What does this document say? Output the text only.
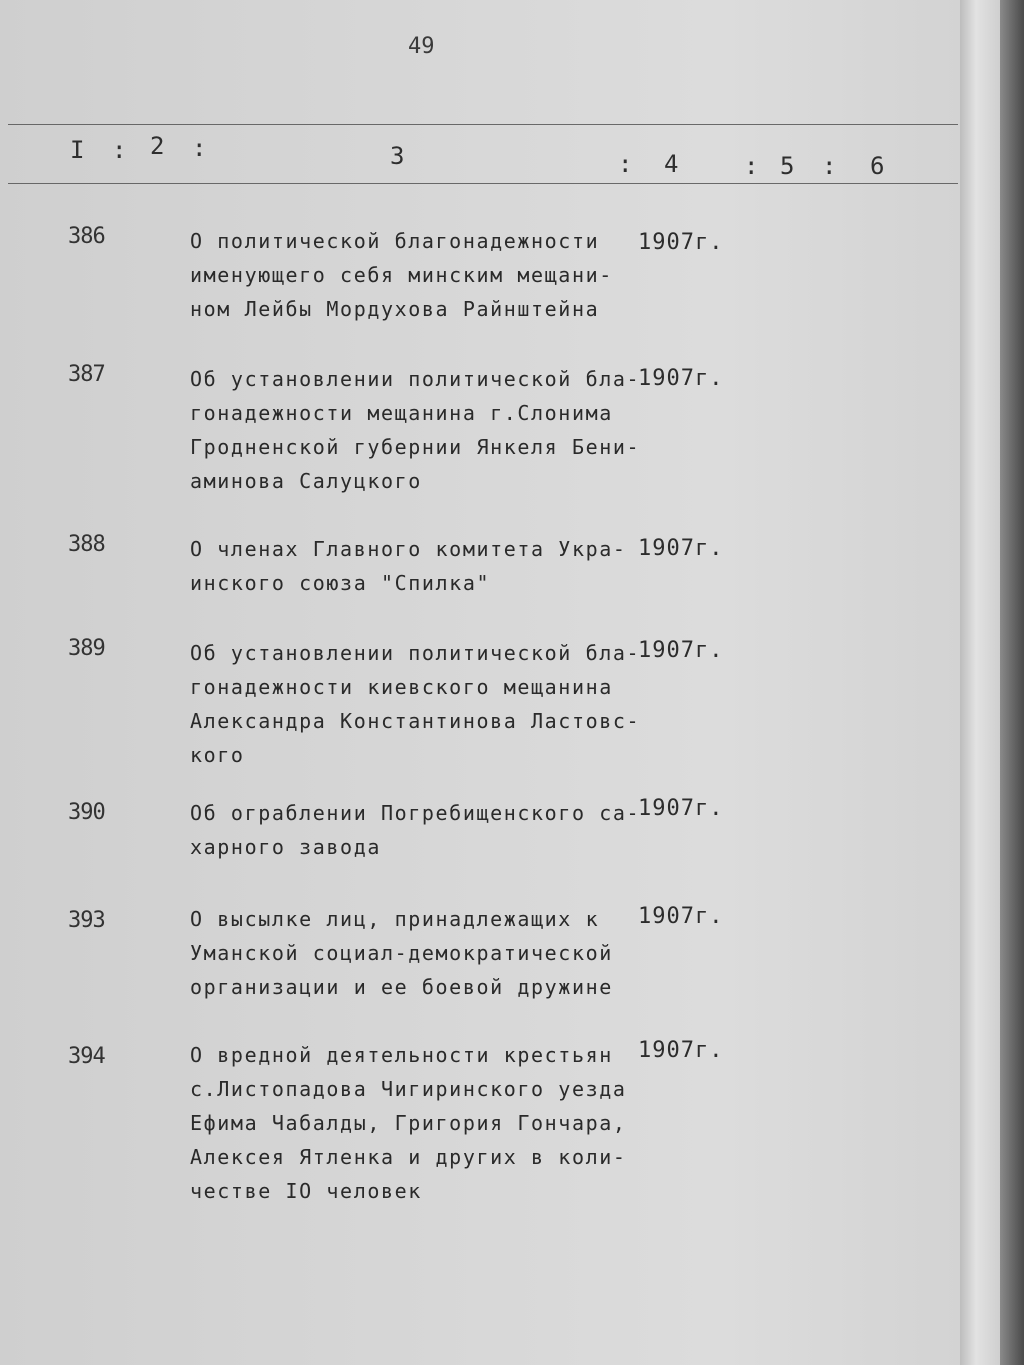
49
I : 2 :	3	: 4	: 5 : 6
386	О политической благонадежности
именующего себя минским мещани-
ном Лейбы Мордухова Райнштейна
1907г.
387	Об установлении политической бла-
гонадежности мещанина г.Слонима
Гродненской губернии Янкеля Бени-
аминова Салуцкого
1907г.
388	О членах Главного комитета Укра-
инского союза "Спилка"
1907г.
389	Об установлении политической бла-
гонадежности киевского мещанина
Александра Константинова Ластовс-
кого
1907г.
390	Об ограблении Погребищенского са-
харного завода
1907г.
393	О высылке лиц, принадлежащих к
Уманской социал-демократической
организации и ее боевой дружине
1907г.
394	О вредной деятельности крестьян
с.Листопадова Чигиринского уезда
Ефима Чабалды, Григория Гончара,
Алексея Ятленка и других в коли-
честве IO человек
1907г.
